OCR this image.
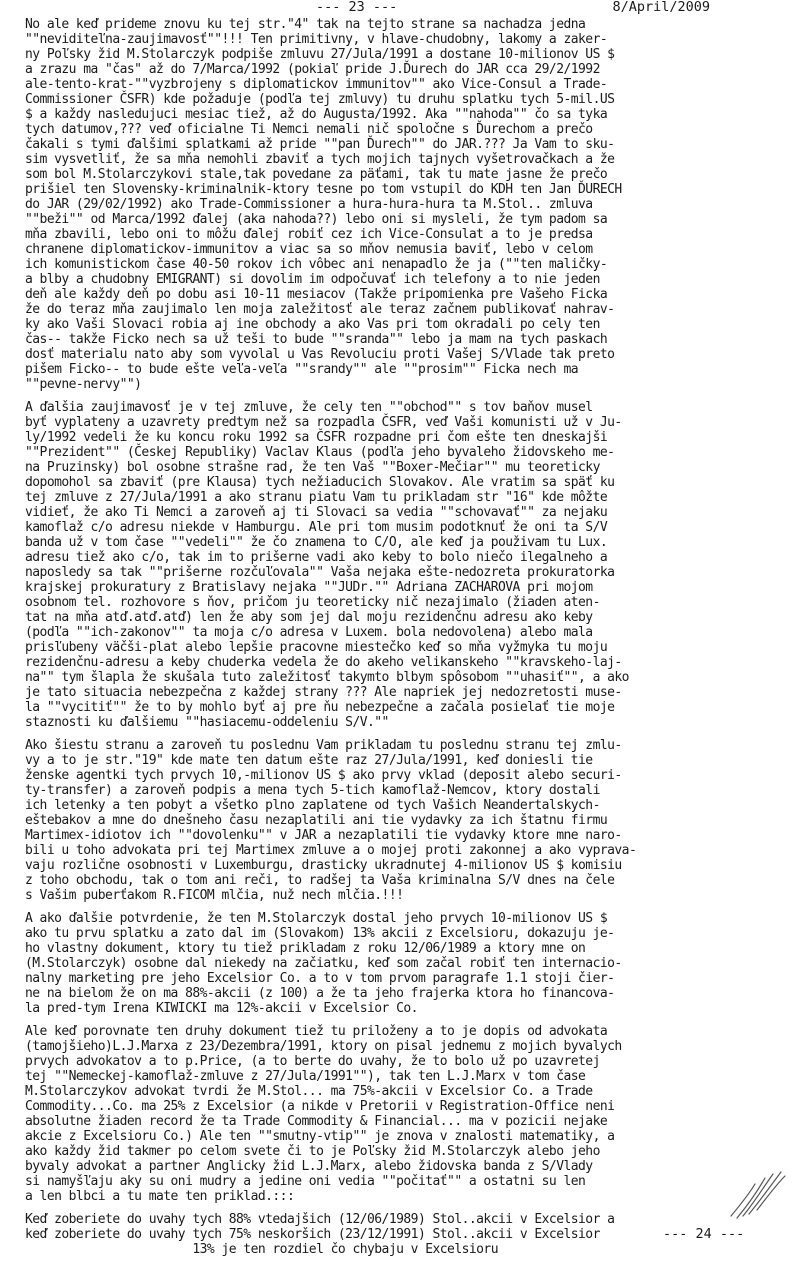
--- 23 ---	8/April/2009
No ale keď prideme znovu ku tej str."4" tak na tejto strane sa nachadza jedna
""neviditeľna-zaujimavosť""!!! Ten primitivny, v hlave-chudobny, lakomy a zaker-
ny Poľsky žid M.Stolarczyk podpiše zmluvu 27/Jula/1991 a dostane 10-milionov US $
a zrazu ma "čas" až do 7/Marca/1992 (pokiaľ pride J.Ďurech do JAR cca 29/2/1992
ale-tento-krat-""vyzbrojeny s diplomatickov immunitov"" ako Vice-Consul a Trade-
Commissioner ČSFR) kde požaduje (podľa tej zmluvy) tu druhu splatku tych 5-mil.US
$ a každy nasledujuci mesiac tiež, až do Augusta/1992. Aka ""nahoda"" čo sa tyka
tych datumov,??? veď oficialne Ti Nemci nemali nič spoločne s Ďurechom a prečo
čakali s tymi ďalšimi splatkami až pride ""pan Ďurech"" do JAR.??? Ja Vam to sku-
sim vysvetliť, že sa mňa nemohli zbaviť a tych mojich tajnych vyšetrovačkach a že
som bol M.Stolarczykovi stale,tak povedane za päťami, tak tu mate jasne že prečo
prišiel ten Slovensky-kriminalnik-ktory tesne po tom vstupil do KDH ten Jan ĎURECH
do JAR (29/02/1992) ako Trade-Commissioner a hura-hura-hura ta M.Stol.. zmluva
""beži"" od Marca/1992 ďalej (aka nahoda??) lebo oni si mysleli, že tym padom sa
mňa zbavili, lebo oni to môžu ďalej robiť cez ich Vice-Consulat a to je predsa
chranene diplomatickov-immunitov a viac sa so mňov nemusia baviť, lebo v celom
ich komunistickom čase 40-50 rokov ich vôbec ani nenapadlo že ja (""ten maličky-
a blby a chudobny EMIGRANT) si dovolim im odpočuvať ich telefony a to nie jeden
deň ale každy deň po dobu asi 10-11 mesiacov (Takže pripomienka pre Vašeho Ficka
že do teraz mňa zaujimalo len moja zaležitosť ale teraz začnem publikovať nahrav-
ky ako Vaši Slovaci robia aj ine obchody a ako Vas pri tom okradali po cely ten
čas-- takže Ficko nech sa už teši to bude ""sranda"" lebo ja mam na tych paskach
dosť materialu nato aby som vyvolal u Vas Revoluciu proti Vašej S/Vlade tak preto
pišem Ficko-- to bude ešte veľa-veľa ""srandy"" ale ""prosim"" Ficka nech ma
""pevne-nervy"")
A ďalšia zaujimavosť je v tej zmluve, že cely ten ""obchod"" s tov baňov musel
byť vyplateny a uzavrety predtym než sa rozpadla ČSFR, veď Vaši komunisti už v Ju-
ly/1992 vedeli že ku koncu roku 1992 sa ČSFR rozpadne pri čom ešte ten dneskajši
""Prezident"" (Českej Republiky) Vaclav Klaus (podľa jeho byvaleho židovskeho me-
na Pruzinsky) bol osobne strašne rad, že ten Vaš ""Boxer-Mečiar"" mu teoreticky
dopomohol sa zbaviť (pre Klausa) tych nežiaducich Slovakov. Ale vratim sa späť ku
tej zmluve z 27/Jula/1991 a ako stranu piatu Vam tu prikladam str "16" kde môžte
vidieť, že ako Ti Nemci a zaroveň aj ti Slovaci sa vedia ""schovavať"" za nejaku
kamoflaž c/o adresu niekde v Hamburgu. Ale pri tom musim podotknuť že oni ta S/V
banda už v tom čase ""vedeli"" že čo znamena to C/O, ale keď ja použivam tu Lux.
adresu tiež ako c/o, tak im to prišerne vadi ako keby to bolo niečo ilegalneho a
naposledy sa tak ""prišerne rozčuľovala"" Vaša nejaka ešte-nedozreta prokuratorka
krajskej prokuratury z Bratislavy nejaka ""JUDr."" Adriana ZACHAROVA pri mojom
osobnom tel. rozhovore s ňov, pričom ju teoreticky nič nezajimalo (žiaden aten-
tat na mňa atď.atď.atď) len že aby som jej dal moju rezidenčnu adresu ako keby
(podľa ""ich-zakonov"" ta moja c/o adresa v Luxem. bola nedovolena) alebo mala
prisľubeny väčši-plat alebo lepšie pracovne miestečko keď so mňa vyžmyka tu moju
rezidenčnu-adresu a keby chuderka vedela že do akeho velikanskeho ""kravskeho-laj-
na"" tym šlapla že skušala tuto zaležitosť takymto blbym spôsobom ""uhasiť"", a ako
je tato situacia nebezpečna z každej strany ??? Ale napriek jej nedozretosti muse-
la ""vycitiť"" že to by mohlo byť aj pre ňu nebezpečne a začala posielať tie moje
staznosti ku ďalšiemu ""hasiacemu-oddeleniu S/V.""
Ako šiestu stranu a zaroveň tu poslednu Vam prikladam tu poslednu stranu tej zmlu-
vy a to je str."19" kde mate ten datum ešte raz 27/Jula/1991, keď doniesli tie
ženske agentki tych prvych 10,-milionov US $ ako prvy vklad (deposit alebo securi-
ty-transfer) a zaroveň podpis a mena tych 5-tich kamoflaž-Nemcov, ktory dostali
ich letenky a ten pobyt a všetko plno zaplatene od tych Vašich Neandertalskych-
eštebakov a mne do dnešneho času nezaplatili ani tie vydavky za ich štatnu firmu
Martimex-idiotov ich ""dovolenku"" v JAR a nezaplatili tie vydavky ktore mne naro-
bili u toho advokata pri tej Martimex zmluve a o mojej proti zakonnej a ako vyprava-
vaju rozlične osobnosti v Luxemburgu, drasticky ukradnutej 4-milionov US $ komisiu
z toho obchodu, tak o tom ani reči, to radšej ta Vaša kriminalna S/V dnes na čele
s Vašim puberťakom R.FICOM mlčia, nuž nech mlčia.!!!
A ako ďalšie potvrdenie, že ten M.Stolarczyk dostal jeho prvych 10-milionov US $
ako tu prvu splatku a zato dal im (Slovakom) 13% akcii z Excelsioru, dokazuju je-
ho vlastny dokument, ktory tu tiež prikladam z roku 12/06/1989 a ktory mne on
(M.Stolarczyk) osobne dal niekedy na začiatku, keď som začal robiť ten internacio-
nalny marketing pre jeho Excelsior Co. a to v tom prvom paragrafe 1.1 stoji čier-
ne na bielom že on ma 88%-akcii (z 100) a že ta jeho frajerka ktora ho financova-
la pred-tym Irena KIWICKI ma 12%-akcii v Excelsior Co.
Ale keď porovnate ten druhy dokument tiež tu priloženy a to je dopis od advokata
(tamojšieho)L.J.Marxa z 23/Dezembra/1991, ktory on pisal jednemu z mojich byvalych
prvych advokatov a to p.Price, (a to berte do uvahy, že to bolo už po uzavretej
tej ""Nemeckej-kamoflaž-zmluve z 27/Jula/1991""), tak ten L.J.Marx v tom čase
M.Stolarczykov advokat tvrdi že M.Stol... ma 75%-akcii v Excelsior Co. a Trade
Commodity...Co. ma 25% z Excelsior (a nikde v Pretorii v Registration-Office neni
absolutne žiaden record že ta Trade Commodity & Financial... ma v pozicii nejake
akcie z Excelsioru Co.) Ale ten ""smutny-vtip"" je znova v znalosti matematiky, a
ako každy žid takmer po celom svete či to je Poľsky žid M.Stolarczyk alebo jeho
byvaly advokat a partner Anglicky žid L.J.Marx, alebo židovska banda z S/Vlady
si namyšľaju aky su oni mudry a jedine oni vedia ""počitať"" a ostatni su len
a len blbci a tu mate ten priklad.:::
Keď zoberiete do uvahy tych 88% vtedajšich (12/06/1989) Stol..akcii v Excelsior a
keď zoberiete do uvahy tych 75% neskoršich (23/12/1991) Stol..akcii v Excelsior
13% je ten rozdiel čo chybaju v Excelsioru
--- 24 ---
